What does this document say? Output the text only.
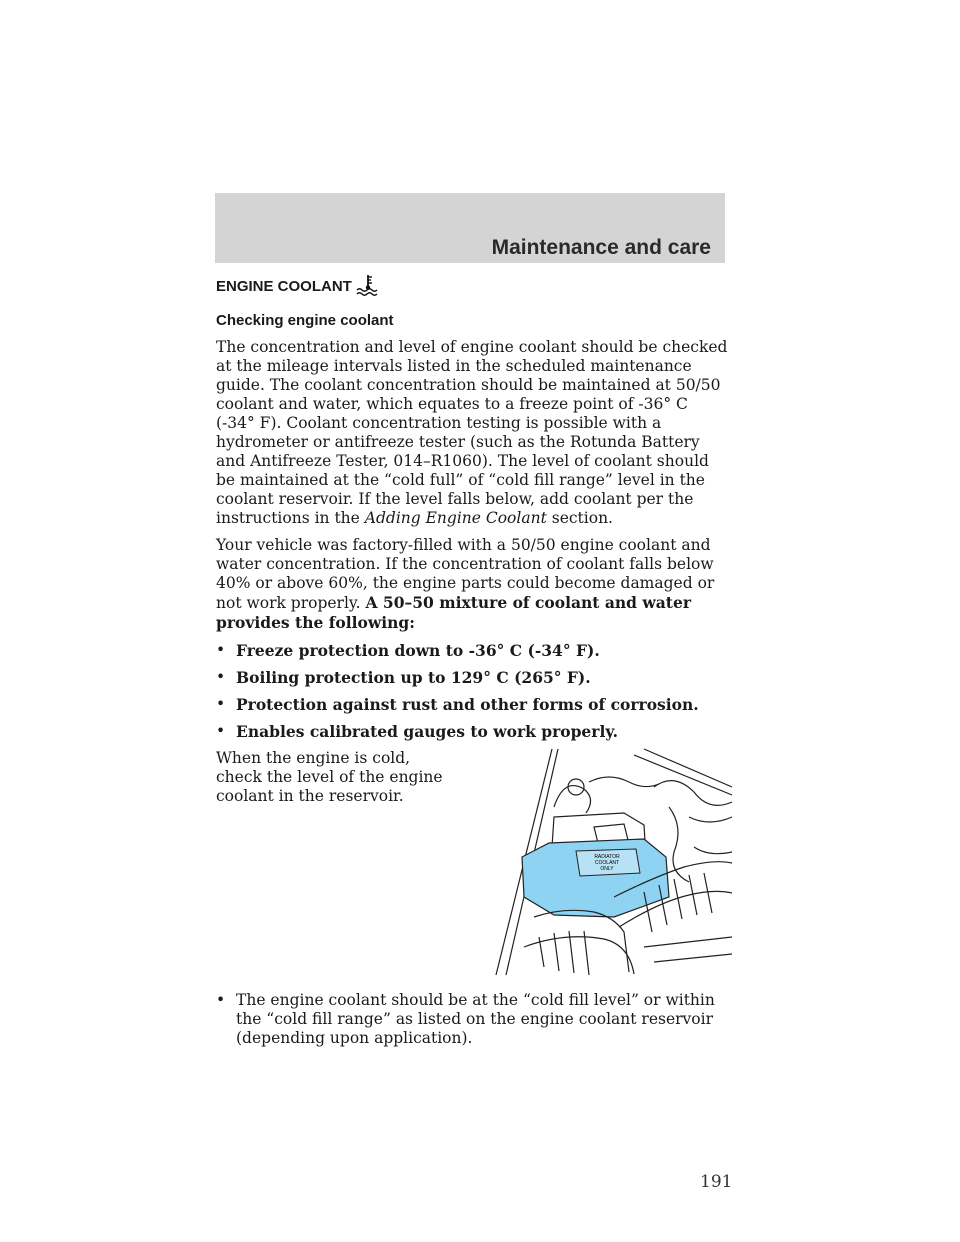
Maintenance and care
ENGINE COOLANT
Checking engine coolant

The concentration and level of engine coolant should be checked at the mileage intervals listed in the scheduled maintenance guide. The coolant concentration should be maintained at 50/50 coolant and water, which equates to a freeze point of -36° C (-34° F). Coolant concentration testing is possible with a hydrometer or antifreeze tester (such as the Rotunda Battery and Antifreeze Tester, 014–R1060). The level of coolant should be maintained at the “cold full” of “cold fill range” level in the coolant reservoir. If the level falls below, add coolant per the instructions in the Adding Engine Coolant section.

Your vehicle was factory-filled with a 50/50 engine coolant and water concentration. If the concentration of coolant falls below 40% or above 60%, the engine parts could become damaged or not work properly. A 50–50 mixture of coolant and water provides the following:

• Freeze protection down to -36° C (-34° F).
• Boiling protection up to 129° C (265° F).
• Protection against rust and other forms of corrosion.
• Enables calibrated gauges to work properly.
When the engine is cold, check the level of the engine coolant in the reservoir.
RADIATOR
COOLANT
ONLY
• The engine coolant should be at the “cold fill level” or within the “cold fill range” as listed on the engine coolant reservoir (depending upon application).
191
